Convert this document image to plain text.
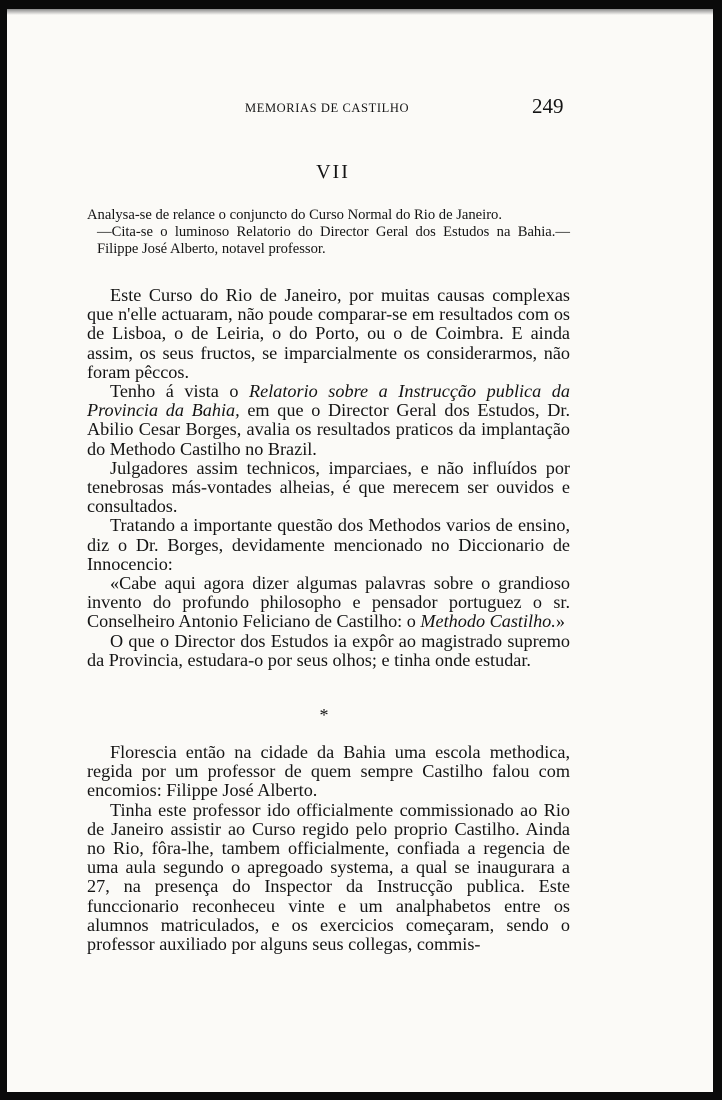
MEMORIAS DE CASTILHO	249
VII

Analysa-se de relance o conjuncto do Curso Normal do Rio de Janeiro.

—Cita-se o luminoso Relatorio do Director Geral dos Estudos na Bahia.—Filippe José Alberto, notavel professor.

Este Curso do Rio de Janeiro, por muitas causas complexas que n'elle actuaram, não poude comparar-se em resultados com os de Lisboa, o de Leiria, o do Porto, ou o de Coimbra. E ainda assim, os seus fructos, se imparcialmente os considerarmos, não foram pêccos.

Tenho á vista o Relatorio sobre a Instrucção publica da Provincia da Bahia, em que o Director Geral dos Estudos, Dr. Abilio Cesar Borges, avalia os resultados praticos da implantação do Methodo Castilho no Brazil.

Julgadores assim technicos, imparciaes, e não influídos por tenebrosas más-vontades alheias, é que merecem ser ouvidos e consultados.

Tratando a importante questão dos Methodos varios de ensino, diz o Dr. Borges, devidamente mencionado no Diccionario de Innocencio:

«Cabe aqui agora dizer algumas palavras sobre o grandioso invento do profundo philosopho e pensador portuguez o sr. Conselheiro Antonio Feliciano de Castilho: o Methodo Castilho.»

O que o Director dos Estudos ia expôr ao magistrado supremo da Provincia, estudara-o por seus olhos; e tinha onde estudar.

*

Florescia então na cidade da Bahia uma escola methodica, regida por um professor de quem sempre Castilho falou com encomios: Filippe José Alberto.

Tinha este professor ido officialmente commissionado ao Rio de Janeiro assistir ao Curso regido pelo proprio Castilho. Ainda no Rio, fôra-lhe, tambem officialmente, confiada a regencia de uma aula segundo o apregoado systema, a qual se inaugurara a 27, na presença do Inspector da Instrucção publica. Este funccionario reconheceu vinte e um analphabetos entre os alumnos matriculados, e os exercicios começaram, sendo o professor auxiliado por alguns seus collegas, commis-
